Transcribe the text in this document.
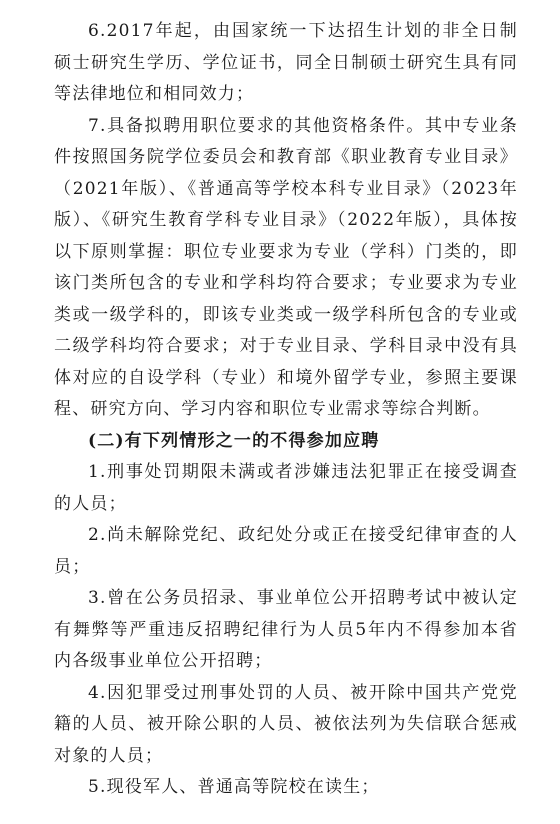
6.2017年起，由国家统一下达招生计划的非全日制硕士研究生学历、学位证书，同全日制硕士研究生具有同等法律地位和相同效力；

7.具备拟聘用职位要求的其他资格条件。其中专业条件按照国务院学位委员会和教育部《职业教育专业目录》（2021年版）、《普通高等学校本科专业目录》（2023年版）、《研究生教育学科专业目录》（2022年版），具体按以下原则掌握：职位专业要求为专业（学科）门类的，即该门类所包含的专业和学科均符合要求；专业要求为专业类或一级学科的，即该专业类或一级学科所包含的专业或二级学科均符合要求；对于专业目录、学科目录中没有具体对应的自设学科（专业）和境外留学专业，参照主要课程、研究方向、学习内容和职位专业需求等综合判断。

(二)有下列情形之一的不得参加应聘

1.刑事处罚期限未满或者涉嫌违法犯罪正在接受调查的人员；

2.尚未解除党纪、政纪处分或正在接受纪律审查的人员；

3.曾在公务员招录、事业单位公开招聘考试中被认定有舞弊等严重违反招聘纪律行为人员5年内不得参加本省内各级事业单位公开招聘；

4.因犯罪受过刑事处罚的人员、被开除中国共产党党籍的人员、被开除公职的人员、被依法列为失信联合惩戒对象的人员；

5.现役军人、普通高等院校在读生；
